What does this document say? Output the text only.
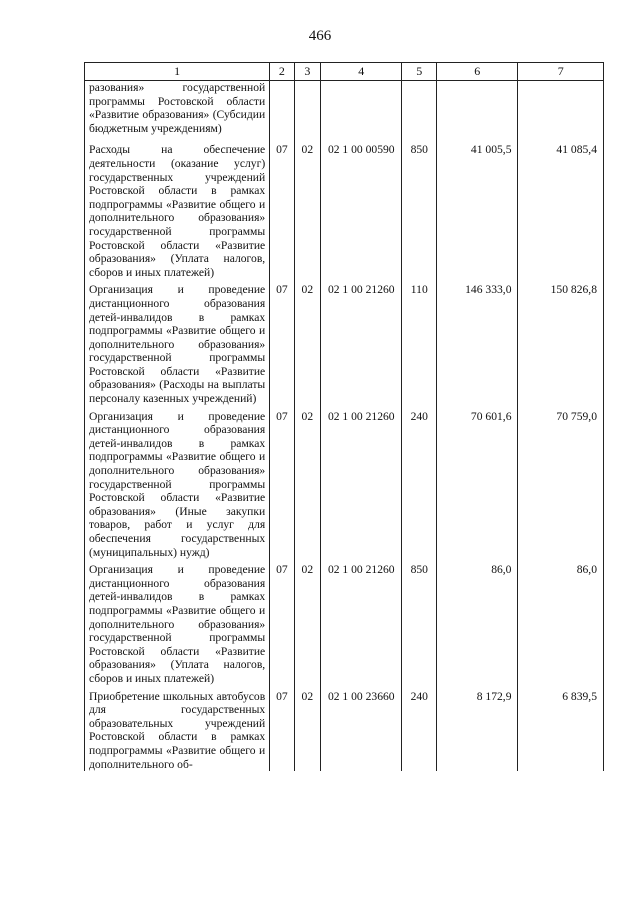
466
1	2	3	4	5	6	7
разования» государственной программы Ростовской области «Развитие образования» (Субсидии бюджетным учреждениям)						
Расходы на обеспечение деятельности (оказание услуг) государственных учреждений Ростовской области в рамках подпрограммы «Развитие общего и дополнительного образования» государственной программы Ростовской области «Развитие образования» (Уплата налогов, сборов и иных платежей)	07	02	02 1 00 00590	850	41 005,5	41 085,4
Организация и проведение дистанционного образования детей-инвалидов в рамках подпрограммы «Развитие общего и дополнительного образования» государственной программы Ростовской области «Развитие образования» (Расходы на выплаты персоналу казенных учреждений)	07	02	02 1 00 21260	110	146 333,0	150 826,8
Организация и проведение дистанционного образования детей-инвалидов в рамках подпрограммы «Развитие общего и дополнительного образования» государственной программы Ростовской области «Развитие образования» (Иные закупки товаров, работ и услуг для обеспечения государственных (муниципальных) нужд)	07	02	02 1 00 21260	240	70 601,6	70 759,0
Организация и проведение дистанционного образования детей-инвалидов в рамках подпрограммы «Развитие общего и дополнительного образования» государственной программы Ростовской области «Развитие образования» (Уплата налогов, сборов и иных платежей)	07	02	02 1 00 21260	850	86,0	86,0
Приобретение школьных автобусов для государственных образовательных учреждений Ростовской области в рамках подпрограммы «Развитие общего и дополнительного об-	07	02	02 1 00 23660	240	8 172,9	6 839,5
